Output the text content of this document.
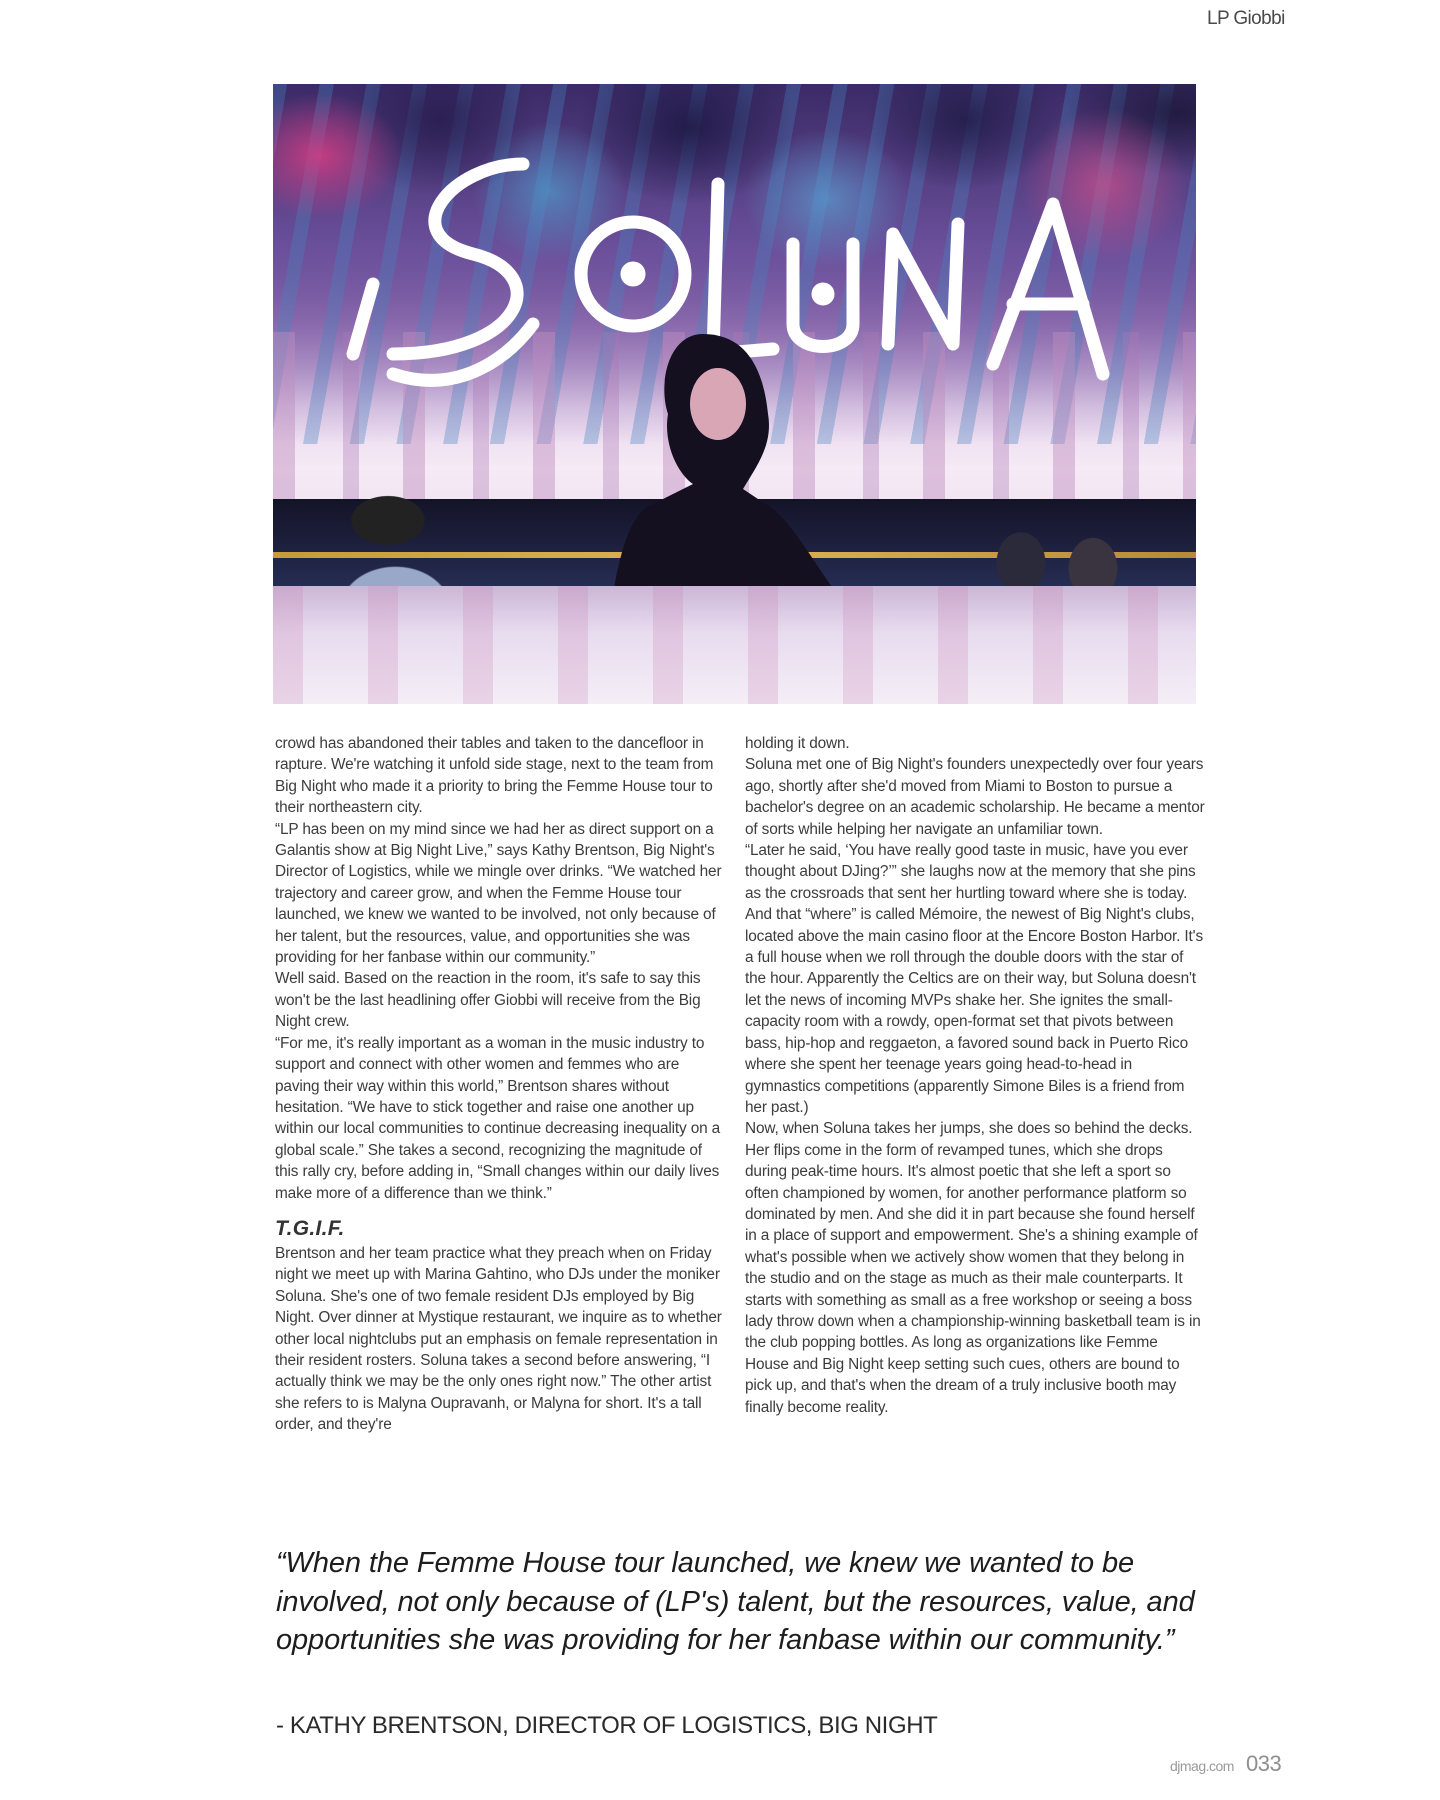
LP Giobbi

crowd has abandoned their tables and taken to the dancefloor in rapture. We're watching it unfold side stage, next to the team from Big Night who made it a priority to bring the Femme House tour to their northeastern city.

“LP has been on my mind since we had her as direct support on a Galantis show at Big Night Live,” says Kathy Brentson, Big Night's Director of Logistics, while we mingle over drinks. “We watched her trajectory and career grow, and when the Femme House tour launched, we knew we wanted to be involved, not only because of her talent, but the resources, value, and opportunities she was providing for her fanbase within our community.”

Well said. Based on the reaction in the room, it's safe to say this won't be the last headlining offer Giobbi will receive from the Big Night crew.

“For me, it's really important as a woman in the music industry to support and connect with other women and femmes who are paving their way within this world,” Brentson shares without hesitation. “We have to stick together and raise one another up within our local communities to continue decreasing inequality on a global scale.” She takes a second, recognizing the magnitude of this rally cry, before adding in, “Small changes within our daily lives make more of a difference than we think.”

T.G.I.F.

Brentson and her team practice what they preach when on Friday night we meet up with Marina Gahtino, who DJs under the moniker Soluna. She's one of two female resident DJs employed by Big Night. Over dinner at Mystique restaurant, we inquire as to whether other local nightclubs put an emphasis on female representation in their resident rosters. Soluna takes a second before answering, “I actually think we may be the only ones right now.” The other artist she refers to is Malyna Oupravanh, or Malyna for short. It's a tall order, and they're

holding it down.

Soluna met one of Big Night's founders unexpectedly over four years ago, shortly after she'd moved from Miami to Boston to pursue a bachelor's degree on an academic scholarship. He became a mentor of sorts while helping her navigate an unfamiliar town.

“Later he said, ‘You have really good taste in music, have you ever thought about DJing?’” she laughs now at the memory that she pins as the crossroads that sent her hurtling toward where she is today. And that “where” is called Mémoire, the newest of Big Night's clubs, located above the main casino floor at the Encore Boston Harbor. It's a full house when we roll through the double doors with the star of the hour. Apparently the Celtics are on their way, but Soluna doesn't let the news of incoming MVPs shake her. She ignites the small-capacity room with a rowdy, open-format set that pivots between bass, hip-hop and reggaeton, a favored sound back in Puerto Rico where she spent her teenage years going head-to-head in gymnastics competitions (apparently Simone Biles is a friend from her past.)

Now, when Soluna takes her jumps, she does so behind the decks. Her flips come in the form of revamped tunes, which she drops during peak-time hours. It's almost poetic that she left a sport so often championed by women, for another performance platform so dominated by men. And she did it in part because she found herself in a place of support and empowerment. She's a shining example of what's possible when we actively show women that they belong in the studio and on the stage as much as their male counterparts. It starts with something as small as a free workshop or seeing a boss lady throw down when a championship-winning basketball team is in the club popping bottles. As long as organizations like Femme House and Big Night keep setting such cues, others are bound to pick up, and that's when the dream of a truly inclusive booth may finally become reality.

“When the Femme House tour launched, we knew we wanted to be involved, not only because of (LP's) talent, but the resources, value, and opportunities she was providing for her fanbase within our community.”
- KATHY BRENTSON, DIRECTOR OF LOGISTICS, BIG NIGHT
djmag.com 033
